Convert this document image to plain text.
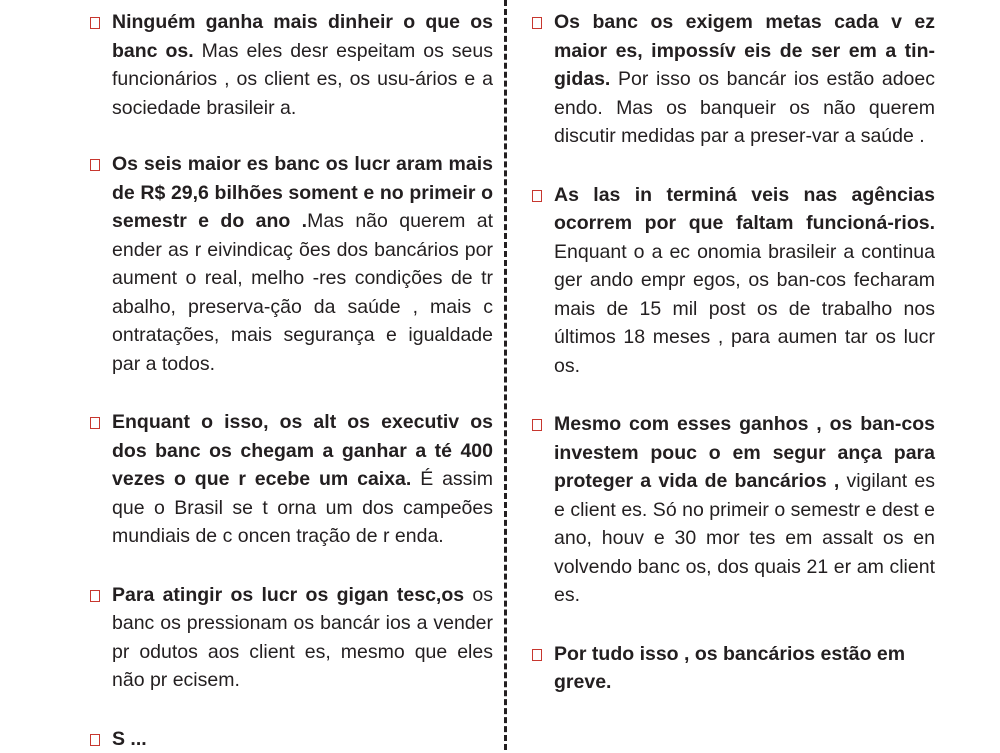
Ninguém ganha mais dinheir o que os banc os. Mas eles desr espeitam os seus funcionários , os client es, os usu-ários e a sociedade brasileir a.
Os seis maior es banc os lucr aram mais de R$ 29,6 bilhões soment e no primeir o semestr e do ano .Mas não querem at ender as r eivindicaç ões dos bancários por aument o real, melho -res condições de tr abalho, preserva-ção da saúde , mais c ontratações, mais segurança e igualdade par a todos.
Enquant o isso, os alt os executiv os dos banc os chegam a ganhar a té 400 vezes o que r ecebe um caixa. É assim que o Brasil se t orna um dos campeões mundiais de c oncen tração de r enda.
Para atingir os lucr os gigan tesc,os os banc os pressionam os bancár ios a vender pr odutos aos client es, mesmo que eles não pr ecisem.
S ...
Os banc os exigem metas cada v ez maior es, impossív eis de ser em a tin-gidas. Por isso os bancár ios estão adoec endo. Mas os banqueir os não querem discutir medidas par a preser-var a saúde .
As las in terminá veis nas agências ocorrem por que faltam funcioná-rios. Enquant o a ec onomia brasileir a continua ger ando empr egos, os ban-cos fecharam mais de 15 mil post os de trabalho nos últimos 18 meses , para aumen tar os lucr os.
Mesmo com esses ganhos , os ban-cos investem pouc o em segur ança para proteger a vida de bancários , vigilant es e client es. Só no primeir o semestr e dest e ano, houv e 30 mor tes em assalt os en volvendo banc os, dos quais 21 er am client es.
Por tudo isso , os bancários estão em greve.
